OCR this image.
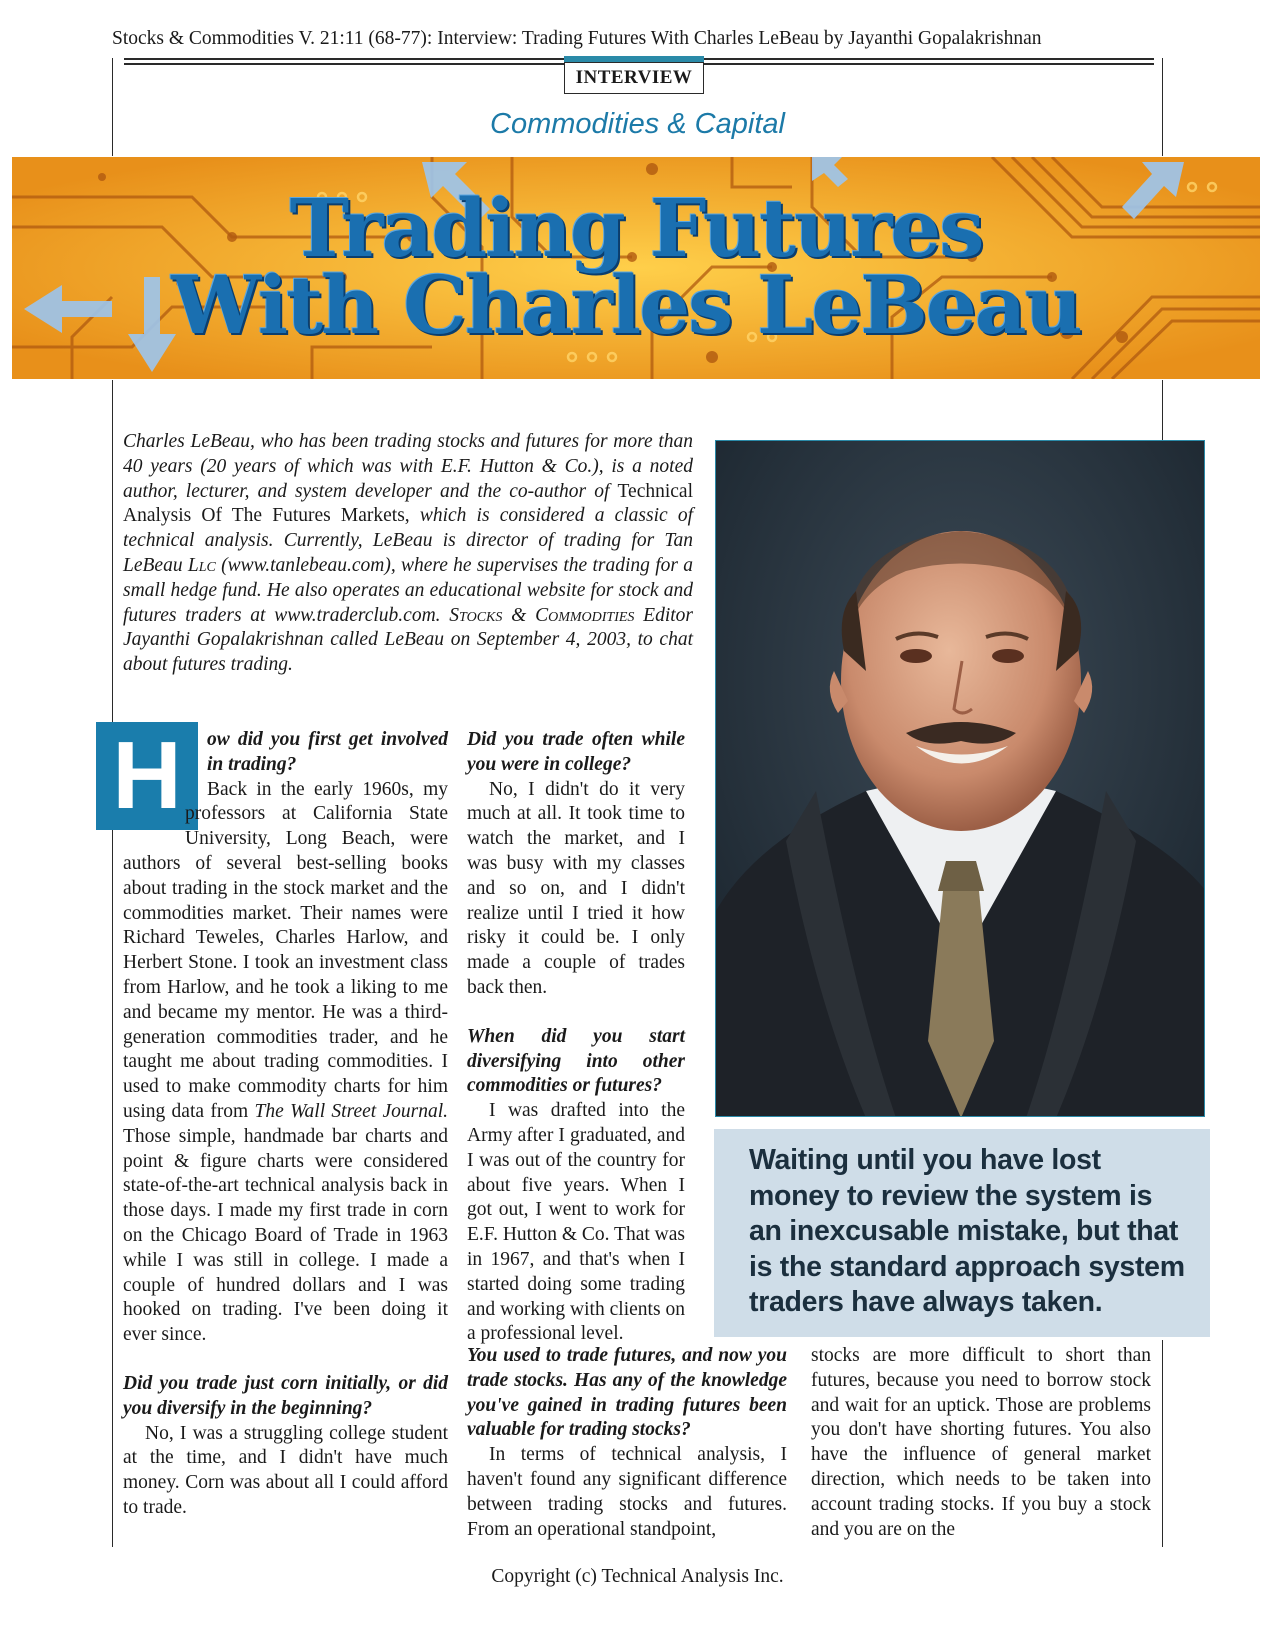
Stocks & Commodities V. 21:11 (68-77): Interview: Trading Futures With Charles LeBeau by Jayanthi Gopalakrishnan
INTERVIEW
Commodities & Capital
Trading Futures
With Charles LeBeau
Charles LeBeau, who has been trading stocks and futures for more than 40 years (20 years of which was with E.F. Hutton & Co.), is a noted author, lecturer, and system developer and the co-author of Technical Analysis Of The Futures Markets, which is considered a classic of technical analysis. Currently, LeBeau is director of trading for Tan LeBeau Llc (www.tanlebeau.com), where he supervises the trading for a small hedge fund. He also operates an educational website for stock and futures traders at www.traderclub.com. Stocks & Commodities Editor Jayanthi Gopalakrishnan called LeBeau on September 4, 2003, to chat about futures trading.
H	ow did you first get involved in trading?

Back in the early 1960s, my professors at California State University, Long Beach, were authors of several best-selling books about trading in the stock market and the commodities market. Their names were Richard Teweles, Charles Harlow, and Herbert Stone. I took an investment class from Harlow, and he took a liking to me and became my mentor. He was a third-generation commodities trader, and he taught me about trading commodities. I used to make commodity charts for him using data from The Wall Street Journal. Those simple, handmade bar charts and point & figure charts were considered state-of-the-art technical analysis back in those days. I made my first trade in corn on the Chicago Board of Trade in 1963 while I was still in college. I made a couple of hundred dollars and I was hooked on trading. I've been doing it ever since.

Did you trade just corn initially, or did you diversify in the beginning?

No, I was a struggling college student at the time, and I didn't have much money. Corn was about all I could afford to trade.

Did you trade often while you were in college?

No, I didn't do it very much at all. It took time to watch the market, and I was busy with my classes and so on, and I didn't realize until I tried it how risky it could be. I only made a couple of trades back then.

When did you start diversifying into other commodities or futures?

I was drafted into the Army after I graduated, and I was out of the country for about five years. When I got out, I went to work for E.F. Hutton & Co. That was in 1967, and that's when I started doing some trading and working with clients on a professional level.

You used to trade futures, and now you trade stocks. Has any of the knowledge you've gained in trading futures been valuable for trading stocks?

In terms of technical analysis, I haven't found any significant difference between trading stocks and futures. From an operational standpoint,

stocks are more difficult to short than futures, because you need to borrow stock and wait for an uptick. Those are problems you don't have shorting futures. You also have the influence of general market direction, which needs to be taken into account trading stocks. If you buy a stock and you are on the

Waiting until you have lost money to review the system is an inexcusable mistake, but that is the standard approach system traders have always taken.
Copyright (c) Technical Analysis Inc.
